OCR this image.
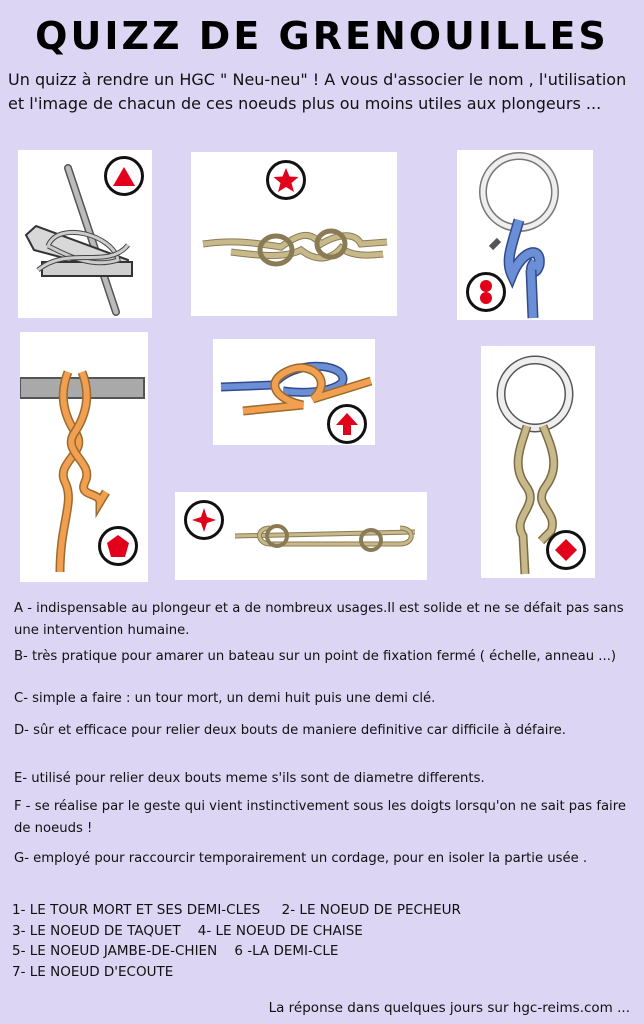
QUIZZ DE GRENOUILLES
Un quizz à rendre un HGC " Neu-neu" ! A vous d'associer le nom , l'utilisation et l'image de chacun de ces noeuds plus ou moins utiles aux plongeurs ...
A - indispensable au plongeur et a de nombreux usages.Il est solide et ne se défait pas sans une intervention humaine.
B- très pratique pour amarer un bateau sur un point de fixation fermé ( échelle, anneau ...)
C- simple a faire : un tour mort, un demi huit puis une demi clé.
D- sûr et efficace pour relier deux bouts de maniere definitive car difficile à défaire.
E- utilisé pour relier deux bouts meme s'ils sont de diametre differents.
F - se réalise par le geste qui vient instinctivement sous les doigts lorsqu'on ne sait pas faire de noeuds !
G- employé pour raccourcir temporairement un cordage, pour en isoler la partie usée .
1- LE TOUR MORT ET SES DEMI-CLES     2- LE NOEUD DE PECHEUR
3- LE NOEUD DE TAQUET    4- LE NOEUD DE CHAISE
5- LE NOEUD JAMBE-DE-CHIEN    6 -LA DEMI-CLE
7- LE NOEUD D'ECOUTE
La réponse dans quelques jours sur hgc-reims.com ...
